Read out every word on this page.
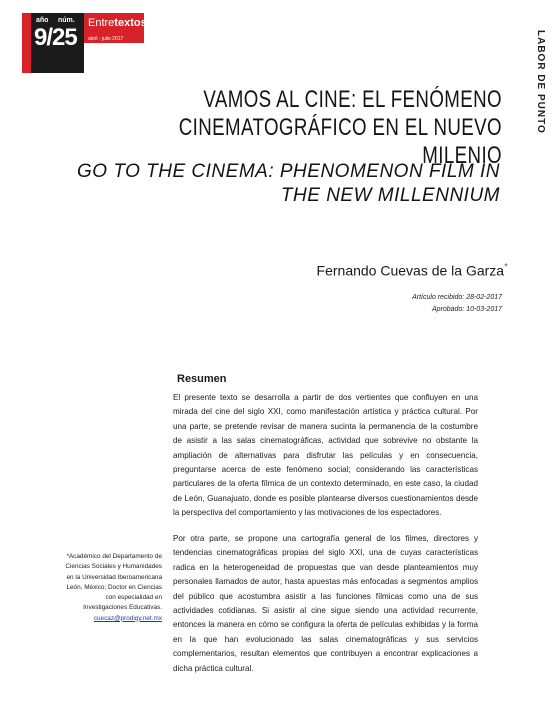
ISSN: 2007-5316	año núm.
9/25
Entretextos
abril - julio 2017	LABOR DE PUNTO
VAMOS AL CINE: EL FENÓMENO CINEMATOGRÁFICO EN EL NUEVO MILENIO
GO TO THE CINEMA: PHENOMENON FILM IN THE NEW MILLENNIUM
Fernando Cuevas de la Garza*
Artículo recibido: 28-02-2017
Aprobado: 10-03-2017
Resumen
El presente texto se desarrolla a partir de dos vertientes que confluyen en una mirada del cine del siglo XXI, como manifestación artística y práctica cultural. Por una parte, se pretende revisar de manera sucinta la permanencia de la costumbre de asistir a las salas cinematográficas, actividad que sobrevive no obstante la ampliación de alternativas para disfrutar las películas y en consecuencia, preguntarse acerca de este fenómeno social; considerando las características particulares de la oferta fílmica de un contexto determinado, en este caso, la ciudad de León, Guanajuato, donde es posible plantearse diversos cuestionamientos desde la perspectiva del comportamiento y las motivaciones de los espectadores.
Por otra parte, se propone una cartografía general de los filmes, directores y tendencias cinematográficas propias del siglo XXI, una de cuyas características radica en la heterogeneidad de propuestas que van desde planteamientos muy personales llamados de autor, hasta apuestas más enfocadas a segmentos amplios del público que acostumbra asistir a las funciones fílmicas como una de sus actividades cotidianas. Si asistir al cine sigue siendo una actividad recurrente, entonces la manera en cómo se configura la oferta de películas exhibidas y la forma en la que han evolucionado las salas cinematográficas y sus servicios complementarios, resultan elementos que contribuyen a encontrar explicaciones a dicha práctica cultural.
*Académico del Departamento de Ciencias Sociales y Humanidades en la Universidad Iberoamericana León, México; Doctor en Ciencias con especialidad en Investigaciones Educativas.
cuecaz@prodigy.net.mx
